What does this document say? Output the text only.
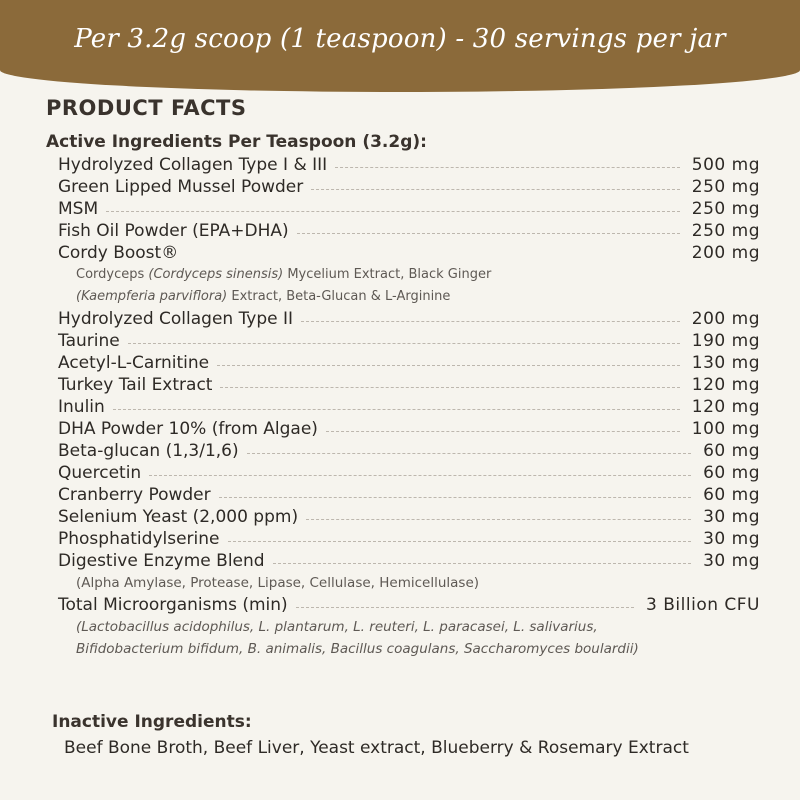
Per 3.2g scoop (1 teaspoon) - 30 servings per jar
PRODUCT FACTS
Active Ingredients Per Teaspoon (3.2g):
Hydrolyzed Collagen Type I & III	500 mg
Green Lipped Mussel Powder	250 mg
MSM	250 mg
Fish Oil Powder (EPA+DHA)	250 mg
Cordy Boost®	200 mg
Cordyceps (Cordyceps sinensis) Mycelium Extract, Black Ginger
(Kaempferia parviflora) Extract, Beta-Glucan & L-Arginine
Hydrolyzed Collagen Type II	200 mg
Taurine	190 mg
Acetyl-L-Carnitine	130 mg
Turkey Tail Extract	120 mg
Inulin	120 mg
DHA Powder 10% (from Algae)	100 mg
Beta-glucan (1,3/1,6)	60 mg
Quercetin	60 mg
Cranberry Powder	60 mg
Selenium Yeast (2,000 ppm)	30 mg
Phosphatidylserine	30 mg
Digestive Enzyme Blend	30 mg
(Alpha Amylase, Protease, Lipase, Cellulase, Hemicellulase)
Total Microorganisms (min)	3 Billion CFU
(Lactobacillus acidophilus, L. plantarum, L. reuteri, L. paracasei, L. salivarius,
Bifidobacterium bifidum, B. animalis, Bacillus coagulans, Saccharomyces boulardii)
Inactive Ingredients:
Beef Bone Broth, Beef Liver, Yeast extract, Blueberry & Rosemary Extract
